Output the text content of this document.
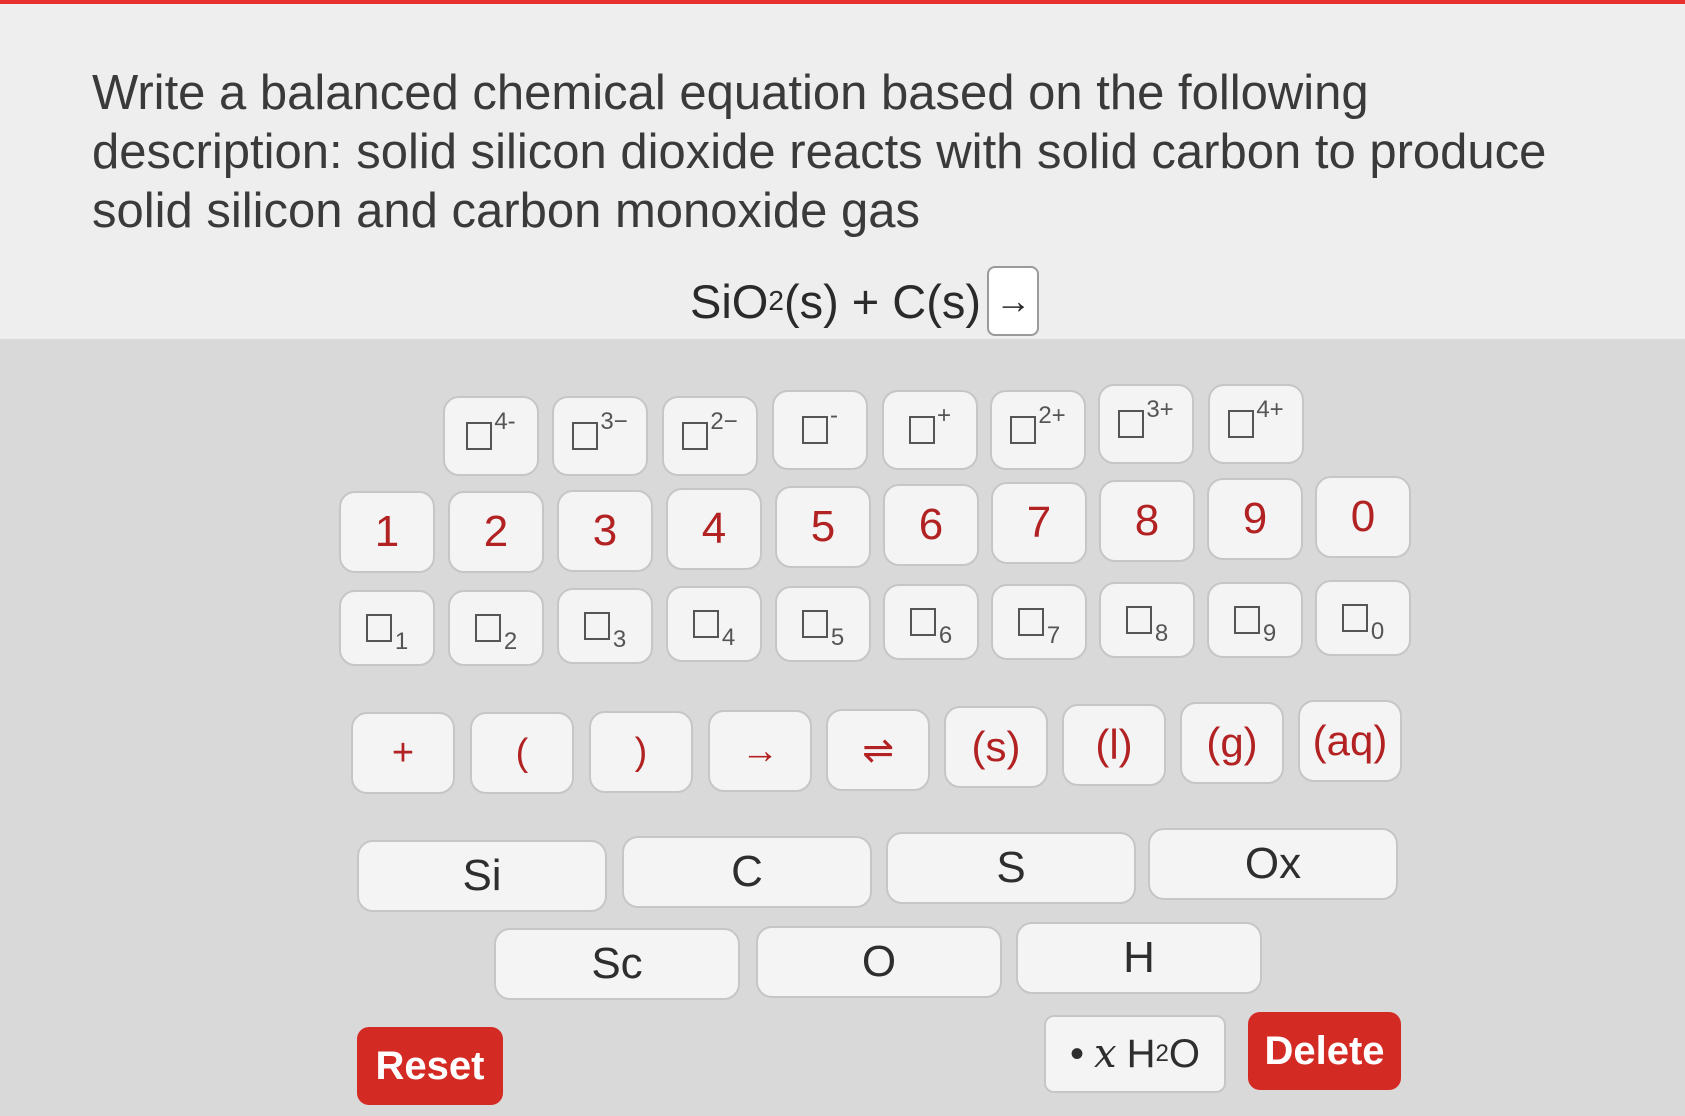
Write a balanced chemical equation based on the following description: solid silicon dioxide reacts with solid carbon to produce solid silicon and carbon monoxide gas

SiO 2 (s) + C(s) →
4-	3−	2−	-	+	2+	3+	4+
1	2	3	4	5	6	7	8	9	0
1	2	3	4	5	6	7	8	9	0
+	(	)	→	⇌	(s)	(l)	(g)	(aq)
Si	C	S	Ox
Sc	O	H
Reset	• x H 2 O	Delete
